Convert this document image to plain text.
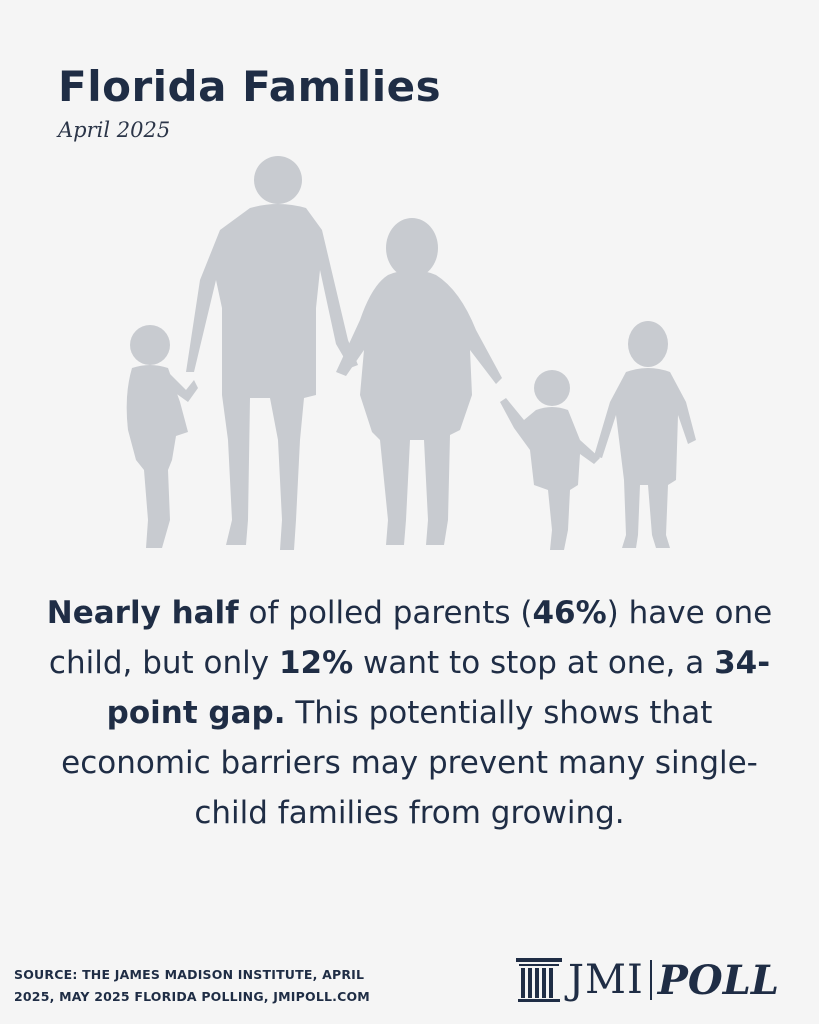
Florida Families
April 2025
Nearly half of polled parents (46%) have one child, but only 12% want to stop at one, a 34-point gap. This potentially shows that economic barriers may prevent many single-child families from growing.
SOURCE: THE JAMES MADISON INSTITUTE, APRIL
2025, MAY 2025 FLORIDA POLLING, JMIPOLL.COM	JMI POLL
